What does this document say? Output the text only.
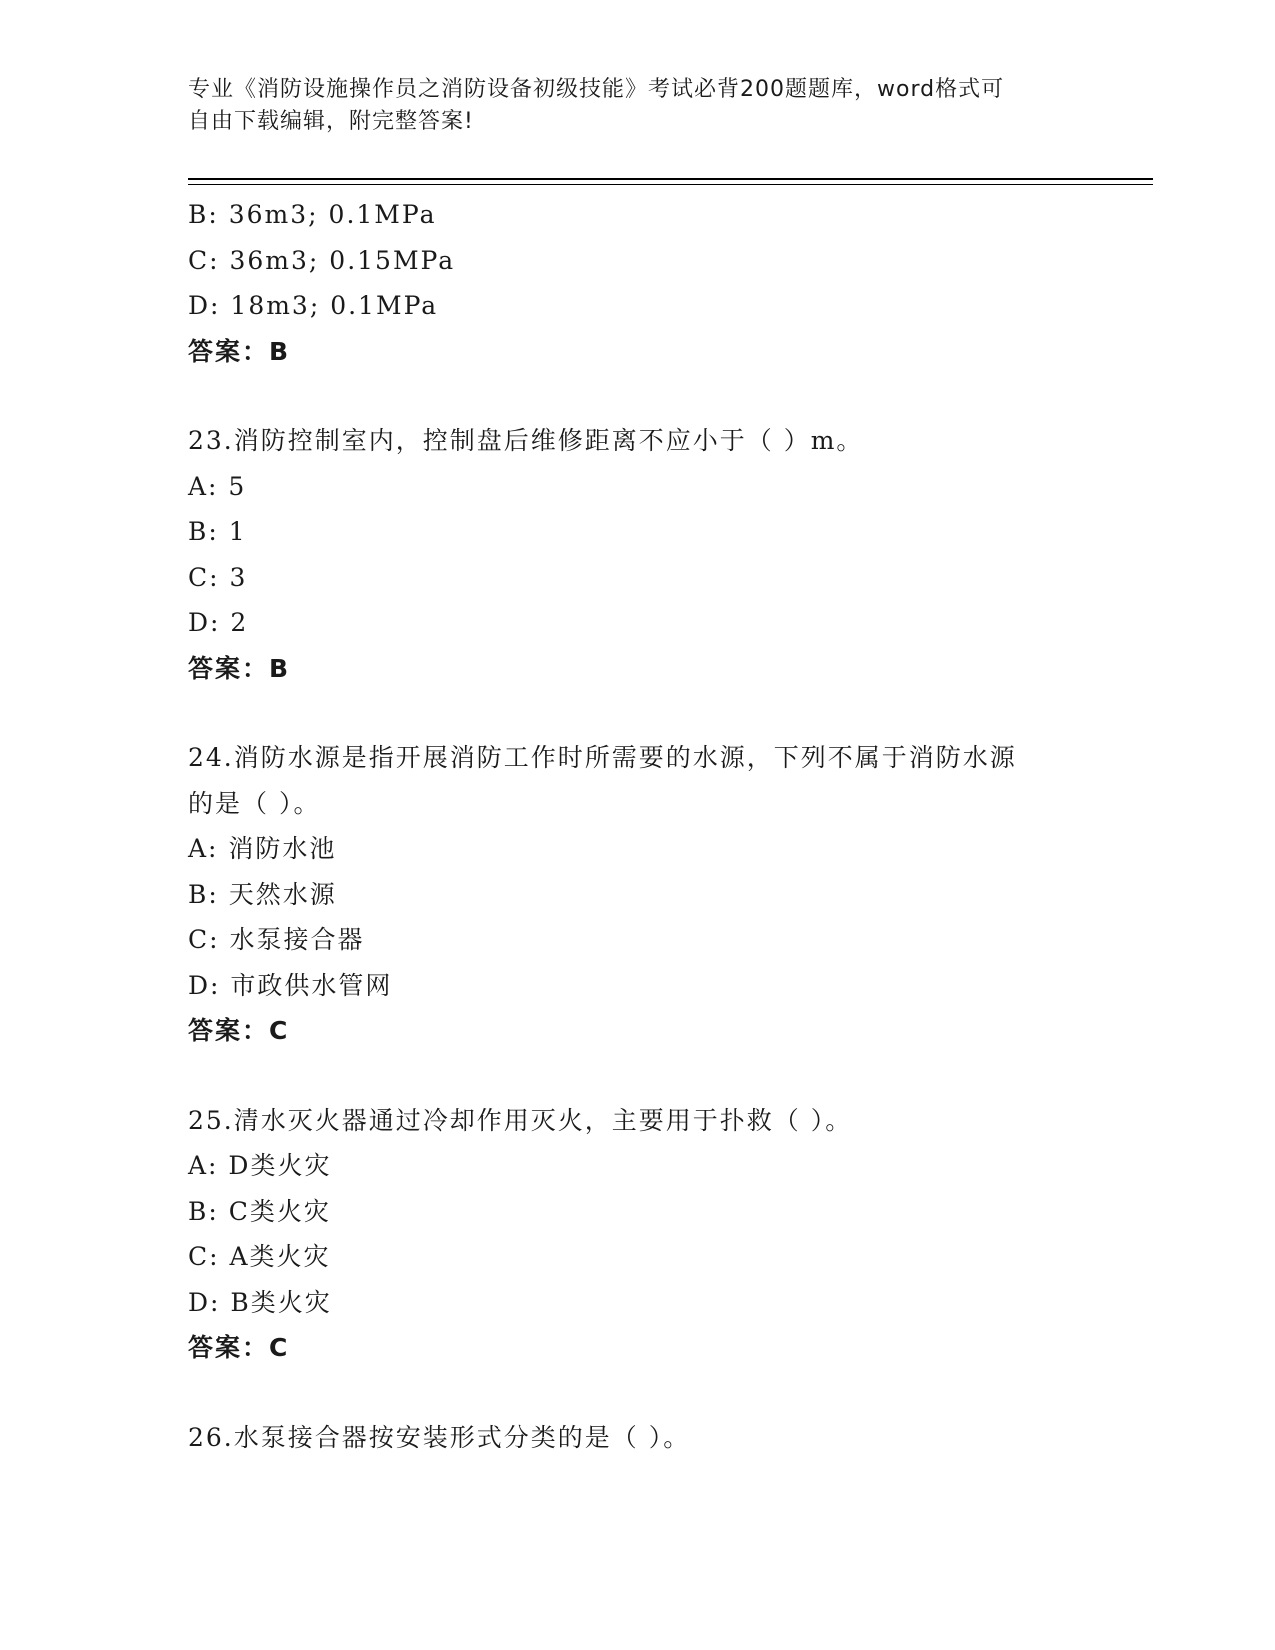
专业《消防设施操作员之消防设备初级技能》考试必背200题题库，word格式可
自由下载编辑，附完整答案!
B: 36m3; 0.1MPa
C: 36m3; 0.15MPa
D: 18m3; 0.1MPa
答案：B
23.消防控制室内，控制盘后维修距离不应小于（ ）m。
A: 5
B: 1
C: 3
D: 2
答案：B
24.消防水源是指开展消防工作时所需要的水源，下列不属于消防水源
的是（ ）。
A: 消防水池
B: 天然水源
C: 水泵接合器
D: 市政供水管网
答案：C
25.清水灭火器通过冷却作用灭火，主要用于扑救（ ）。
A: D类火灾
B: C类火灾
C: A类火灾
D: B类火灾
答案：C
26.水泵接合器按安装形式分类的是（ ）。
